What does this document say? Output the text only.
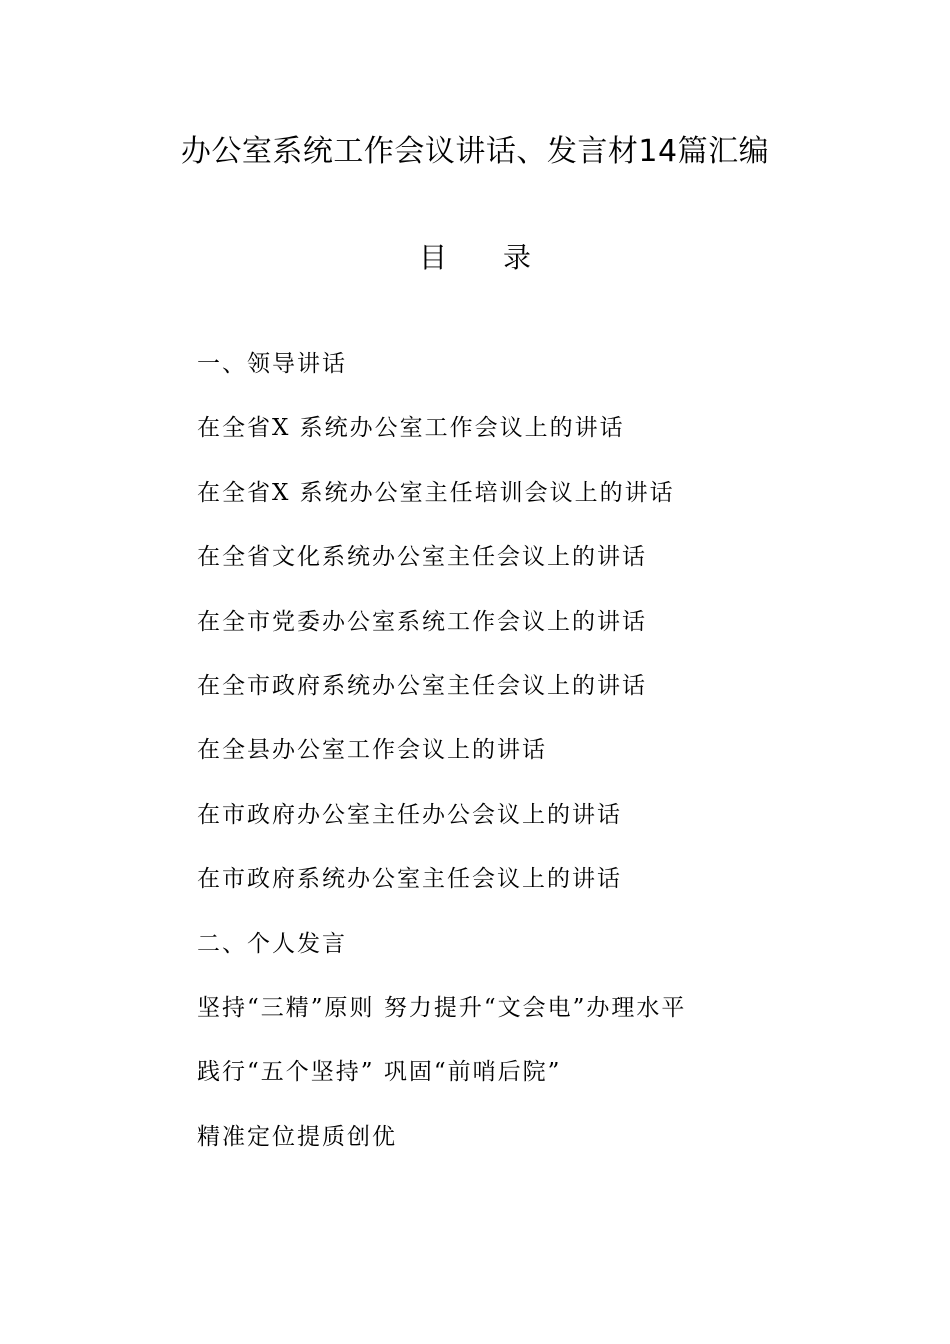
办公室系统工作会议讲话、发言材14篇汇编
目 录
一、领导讲话
在全省X 系统办公室工作会议上的讲话
在全省X 系统办公室主任培训会议上的讲话
在全省文化系统办公室主任会议上的讲话
在全市党委办公室系统工作会议上的讲话
在全市政府系统办公室主任会议上的讲话
在全县办公室工作会议上的讲话
在市政府办公室主任办公会议上的讲话
在市政府系统办公室主任会议上的讲话
二、个人发言
坚持“三精”原则 努力提升“文会电”办理水平
践行“五个坚持” 巩固“前哨后院”
精准定位提质创优
